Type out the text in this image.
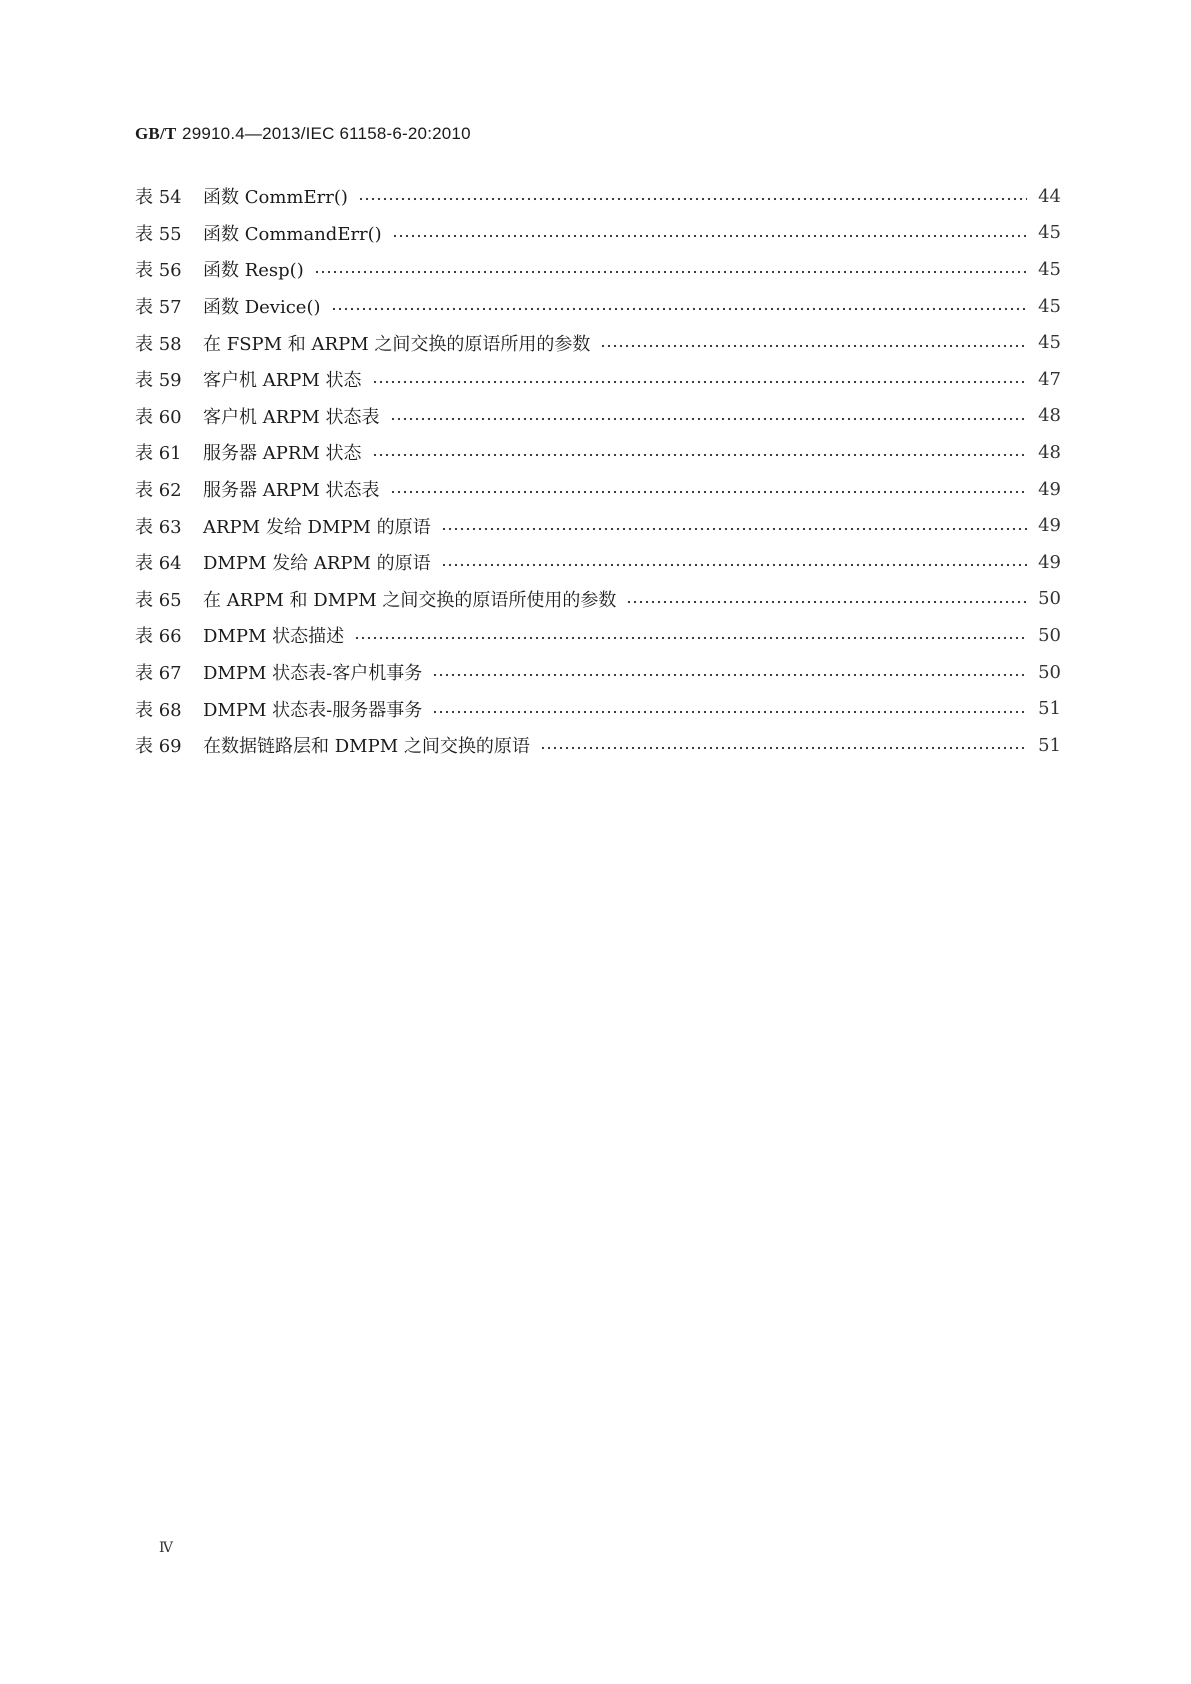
GB/T 29910.4—2013/IEC 61158-6-20:2010
表 54	函数 CommErr()	44
表 55	函数 CommandErr()	45
表 56	函数 Resp()	45
表 57	函数 Device()	45
表 58	在 FSPM 和 ARPM 之间交换的原语所用的参数	45
表 59	客户机 ARPM 状态	47
表 60	客户机 ARPM 状态表	48
表 61	服务器 APRM 状态	48
表 62	服务器 ARPM 状态表	49
表 63	ARPM 发给 DMPM 的原语	49
表 64	DMPM 发给 ARPM 的原语	49
表 65	在 ARPM 和 DMPM 之间交换的原语所使用的参数	50
表 66	DMPM 状态描述	50
表 67	DMPM 状态表-客户机事务	50
表 68	DMPM 状态表-服务器事务	51
表 69	在数据链路层和 DMPM 之间交换的原语	51
Ⅳ
